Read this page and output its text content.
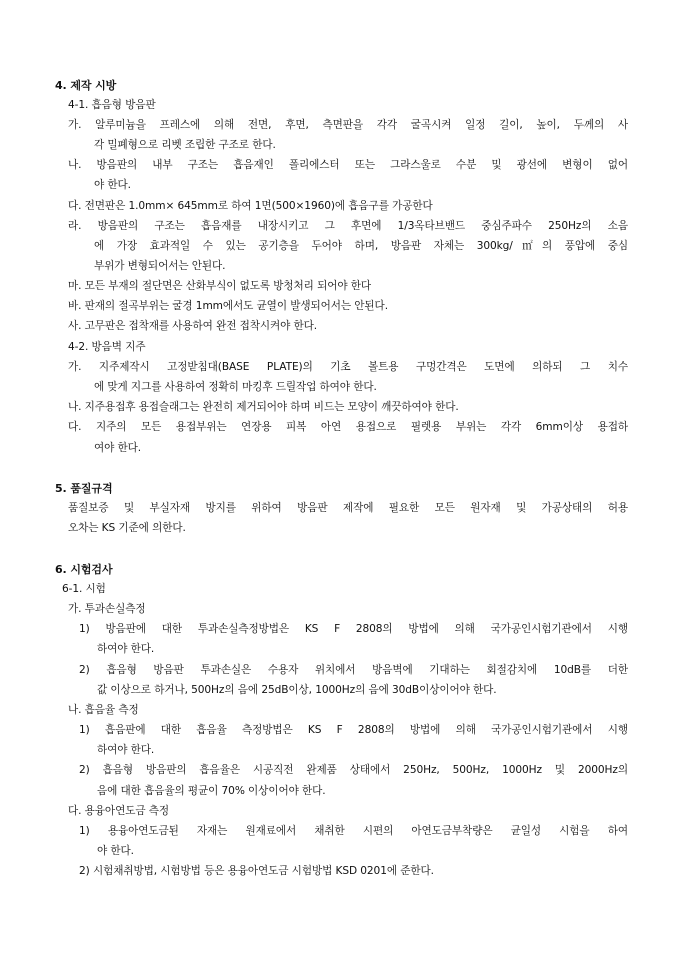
4. 제작 시방
4-1. 흡음형 방음판
가. 알루미늄을 프레스에 의해 전면, 후면, 측면판을 각각 굴곡시켜 일정 길이, 높이, 두께의 사
각 밀폐형으로 리벳 조립한 구조로 한다.
나. 방음판의 내부 구조는 흡음재인 폴리에스터 또는 그라스울로 수분 및 광선에 변형이 없어
야 한다.
다. 전면판은 1.0mm× 645mm로 하여 1면(500×1960)에 흡음구를 가공한다
라. 방음판의 구조는 흡음재를 내장시키고 그 후면에 1/3옥타브밴드 중심주파수 250Hz의 소음
에 가장 효과적일 수 있는 공기층을 두어야 하며, 방음판 자체는 300kg/㎡의 풍압에 중심
부위가 변형되어서는 안된다.
마. 모든 부재의 절단면은 산화부식이 없도록 방청처리 되어야 한다
바. 판재의 절곡부위는 굴경 1mm에서도 균열이 발생되어서는 안된다.
사. 고무판은 접착재를 사용하여 완전 접착시켜야 한다.
4-2. 방음벽 지주
가. 지주제작시 고정받침대(BASE PLATE)의 기초 볼트용 구멍간격은 도면에 의하되 그 치수
에 맞게 지그를 사용하여 정확히 마킹후 드릴작업 하여야 한다.
나. 지주용접후 용접슬래그는 완전히 제거되어야 하며 비드는 모양이 깨끗하여야 한다.
다. 지주의 모든 용접부위는 연장용 피복 아연 용접으로 필렛용 부위는 각각 6mm이상 용접하
여야 한다.
5. 품질규격
품질보증 및 부실자재 방지를 위하여 방음판 제작에 필요한 모든 원자재 및 가공상태의 허용
오차는 KS 기준에 의한다.
6. 시험검사
6-1. 시험
가. 투과손실측정
1) 방음판에 대한 투과손실측정방법은 KS F 2808의 방법에 의해 국가공인시험기관에서 시행
하여야 한다.
2) 흡음형 방음판 투과손실은 수용자 위치에서 방음벽에 기대하는 회절감치에 10dB를 더한
값 이상으로 하거나, 500Hz의 음에 25dB이상, 1000Hz의 음에 30dB이상이어야 한다.
나. 흡음율 측정
1) 흡음판에 대한 흡음율 측정방법은 KS F 2808의 방법에 의해 국가공인시험기관에서 시행
하여야 한다.
2) 흡음형 방음판의 흡음율은 시공직전 완제품 상태에서 250Hz, 500Hz, 1000Hz 및 2000Hz의
음에 대한 흡음율의 평균이 70% 이상이어야 한다.
다. 용융아연도금 측정
1) 용융아연도금된 자재는 원재료에서 채취한 시편의 아연도금부착량은 균일성 시험을 하여
야 한다.
2) 시험채취방법, 시험방법 등은 용융아연도금 시험방법 KSD 0201에 준한다.
